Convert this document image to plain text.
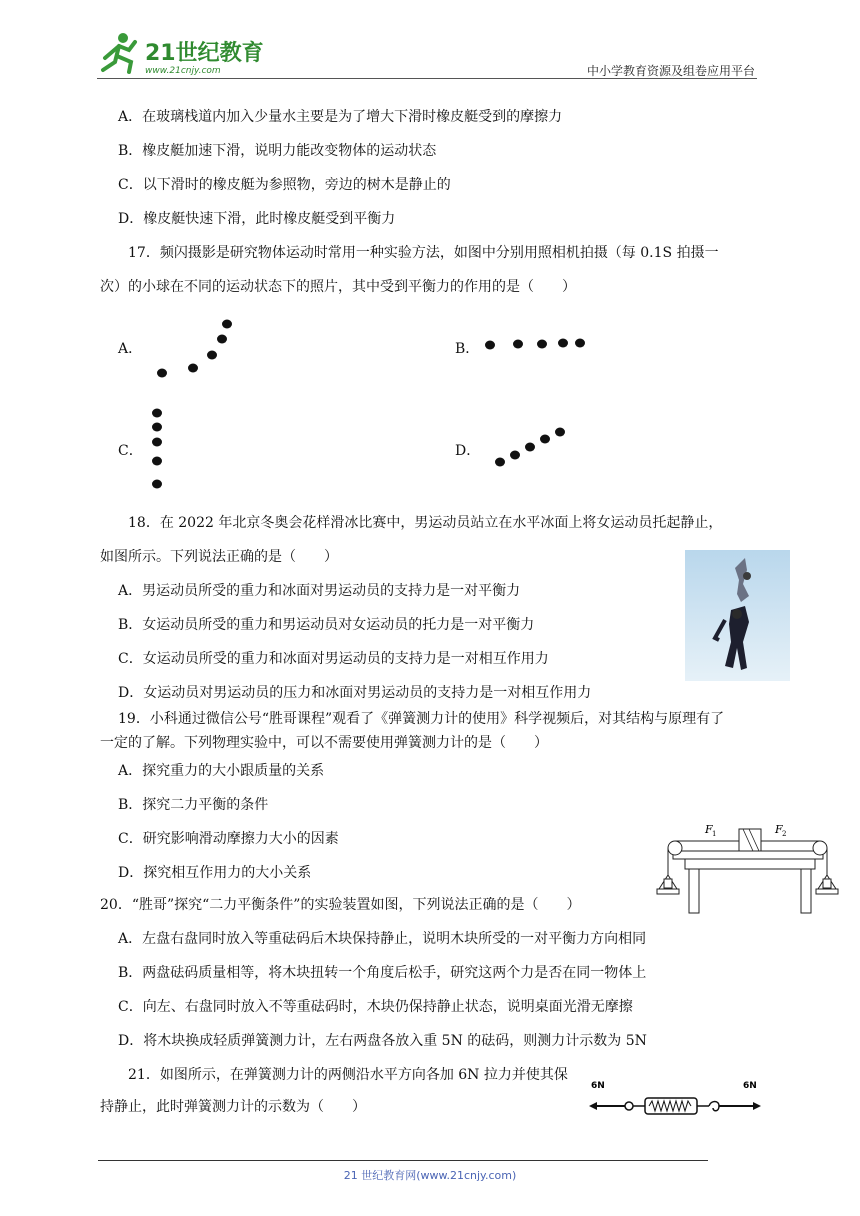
21世纪教育
www.21cnjy.com	中小学教育资源及组卷应用平台
A．在玻璃栈道内加入少量水主要是为了增大下滑时橡皮艇受到的摩擦力
B．橡皮艇加速下滑，说明力能改变物体的运动状态
C．以下滑时的橡皮艇为参照物，旁边的树木是静止的
D．橡皮艇快速下滑，此时橡皮艇受到平衡力
17．频闪摄影是研究物体运动时常用一种实验方法，如图中分别用照相机拍摄（每 0.1S 拍摄一
次）的小球在不同的运动状态下的照片，其中受到平衡力的作用的是（　　）
A．	B．
C．	D．
18．在 2022 年北京冬奥会花样滑冰比赛中，男运动员站立在水平冰面上将女运动员托起静止，
如图所示。下列说法正确的是（　　）
A．男运动员所受的重力和冰面对男运动员的支持力是一对平衡力
B．女运动员所受的重力和男运动员对女运动员的托力是一对平衡力
C．女运动员所受的重力和冰面对男运动员的支持力是一对相互作用力
D．女运动员对男运动员的压力和冰面对男运动员的支持力是一对相互作用力
19．小科通过微信公号“胜哥课程”观看了《弹簧测力计的使用》科学视频后，对其结构与原理有了
一定的了解。下列物理实验中，可以不需要使用弹簧测力计的是（　　）
A．探究重力的大小跟质量的关系
B．探究二力平衡的条件
C．研究影响滑动摩擦力大小的因素
D．探究相互作用力的大小关系
F 1	F 2
20．“胜哥”探究“二力平衡条件”的实验装置如图，下列说法正确的是（　　）
A．左盘右盘同时放入等重砝码后木块保持静止，说明木块所受的一对平衡力方向相同
B．两盘砝码质量相等，将木块扭转一个角度后松手，研究这两个力是否在同一物体上
C．向左、右盘同时放入不等重砝码时，木块仍保持静止状态，说明桌面光滑无摩擦
D．将木块换成轻质弹簧测力计，左右两盘各放入重 5N 的砝码，则测力计示数为 5N
21．如图所示，在弹簧测力计的两侧沿水平方向各加 6N 拉力并使其保
持静止，此时弹簧测力计的示数为（　　）
6N	6N
21 世纪教育网(www.21cnjy.com)
